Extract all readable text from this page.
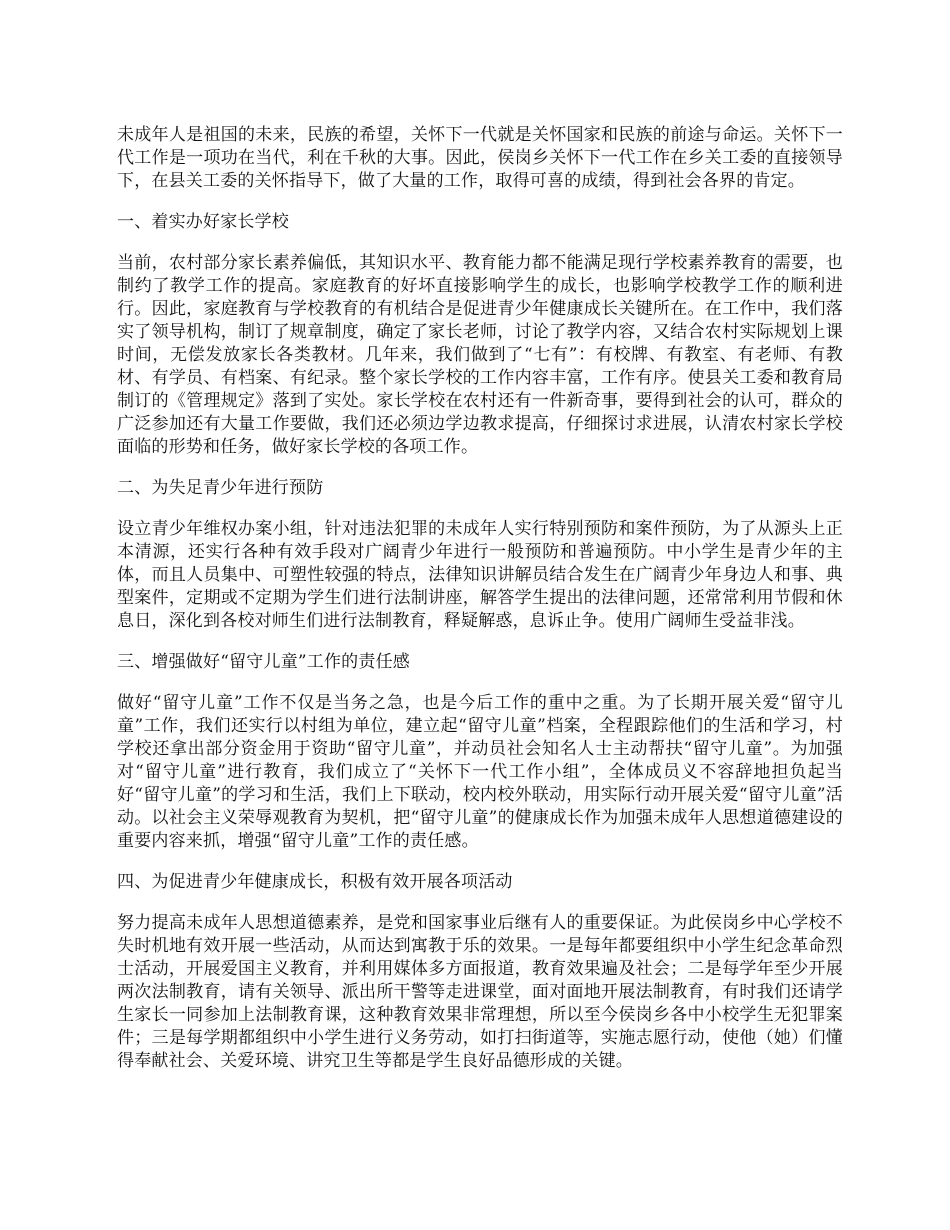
未成年人是祖国的未来，民族的希望，关怀下一代就是关怀国家和民族的前途与命运。关怀下一代工作是一项功在当代，利在千秋的大事。因此，侯岗乡关怀下一代工作在乡关工委的直接领导下，在县关工委的关怀指导下，做了大量的工作，取得可喜的成绩，得到社会各界的肯定。

一、着实办好家长学校

当前，农村部分家长素养偏低，其知识水平、教育能力都不能满足现行学校素养教育的需要，也制约了教学工作的提高。家庭教育的好坏直接影响学生的成长，也影响学校教学工作的顺利进行。因此，家庭教育与学校教育的有机结合是促进青少年健康成长关键所在。在工作中，我们落实了领导机构，制订了规章制度，确定了家长老师，讨论了教学内容，又结合农村实际规划上课时间，无偿发放家长各类教材。几年来，我们做到了“七有”：有校牌、有教室、有老师、有教材、有学员、有档案、有纪录。整个家长学校的工作内容丰富，工作有序。使县关工委和教育局制订的《管理规定》落到了实处。家长学校在农村还有一件新奇事，要得到社会的认可，群众的广泛参加还有大量工作要做，我们还必须边学边教求提高，仔细探讨求进展，认清农村家长学校面临的形势和任务，做好家长学校的各项工作。

二、为失足青少年进行预防

设立青少年维权办案小组，针对违法犯罪的未成年人实行特别预防和案件预防，为了从源头上正本清源，还实行各种有效手段对广阔青少年进行一般预防和普遍预防。中小学生是青少年的主体，而且人员集中、可塑性较强的特点，法律知识讲解员结合发生在广阔青少年身边人和事、典型案件，定期或不定期为学生们进行法制讲座，解答学生提出的法律问题，还常常利用节假和休息日，深化到各校对师生们进行法制教育，释疑解惑，息诉止争。使用广阔师生受益非浅。

三、增强做好“留守儿童”工作的责任感

做好“留守儿童”工作不仅是当务之急，也是今后工作的重中之重。为了长期开展关爱“留守儿童”工作，我们还实行以村组为单位，建立起“留守儿童”档案，全程跟踪他们的生活和学习，村学校还拿出部分资金用于资助“留守儿童”，并动员社会知名人士主动帮扶“留守儿童”。为加强对“留守儿童”进行教育，我们成立了“关怀下一代工作小组”，全体成员义不容辞地担负起当好“留守儿童”的学习和生活，我们上下联动，校内校外联动，用实际行动开展关爱“留守儿童”活动。以社会主义荣辱观教育为契机，把“留守儿童”的健康成长作为加强未成年人思想道德建设的重要内容来抓，增强“留守儿童”工作的责任感。

四、为促进青少年健康成长，积极有效开展各项活动

努力提高未成年人思想道德素养，是党和国家事业后继有人的重要保证。为此侯岗乡中心学校不失时机地有效开展一些活动，从而达到寓教于乐的效果。一是每年都要组织中小学生纪念革命烈士活动，开展爱国主义教育，并利用媒体多方面报道，教育效果遍及社会；二是每学年至少开展两次法制教育，请有关领导、派出所干警等走进课堂，面对面地开展法制教育，有时我们还请学生家长一同参加上法制教育课，这种教育效果非常理想，所以至今侯岗乡各中小校学生无犯罪案件；三是每学期都组织中小学生进行义务劳动，如打扫街道等，实施志愿行动，使他（她）们懂得奉献社会、关爱环境、讲究卫生等都是学生良好品德形成的关键。
